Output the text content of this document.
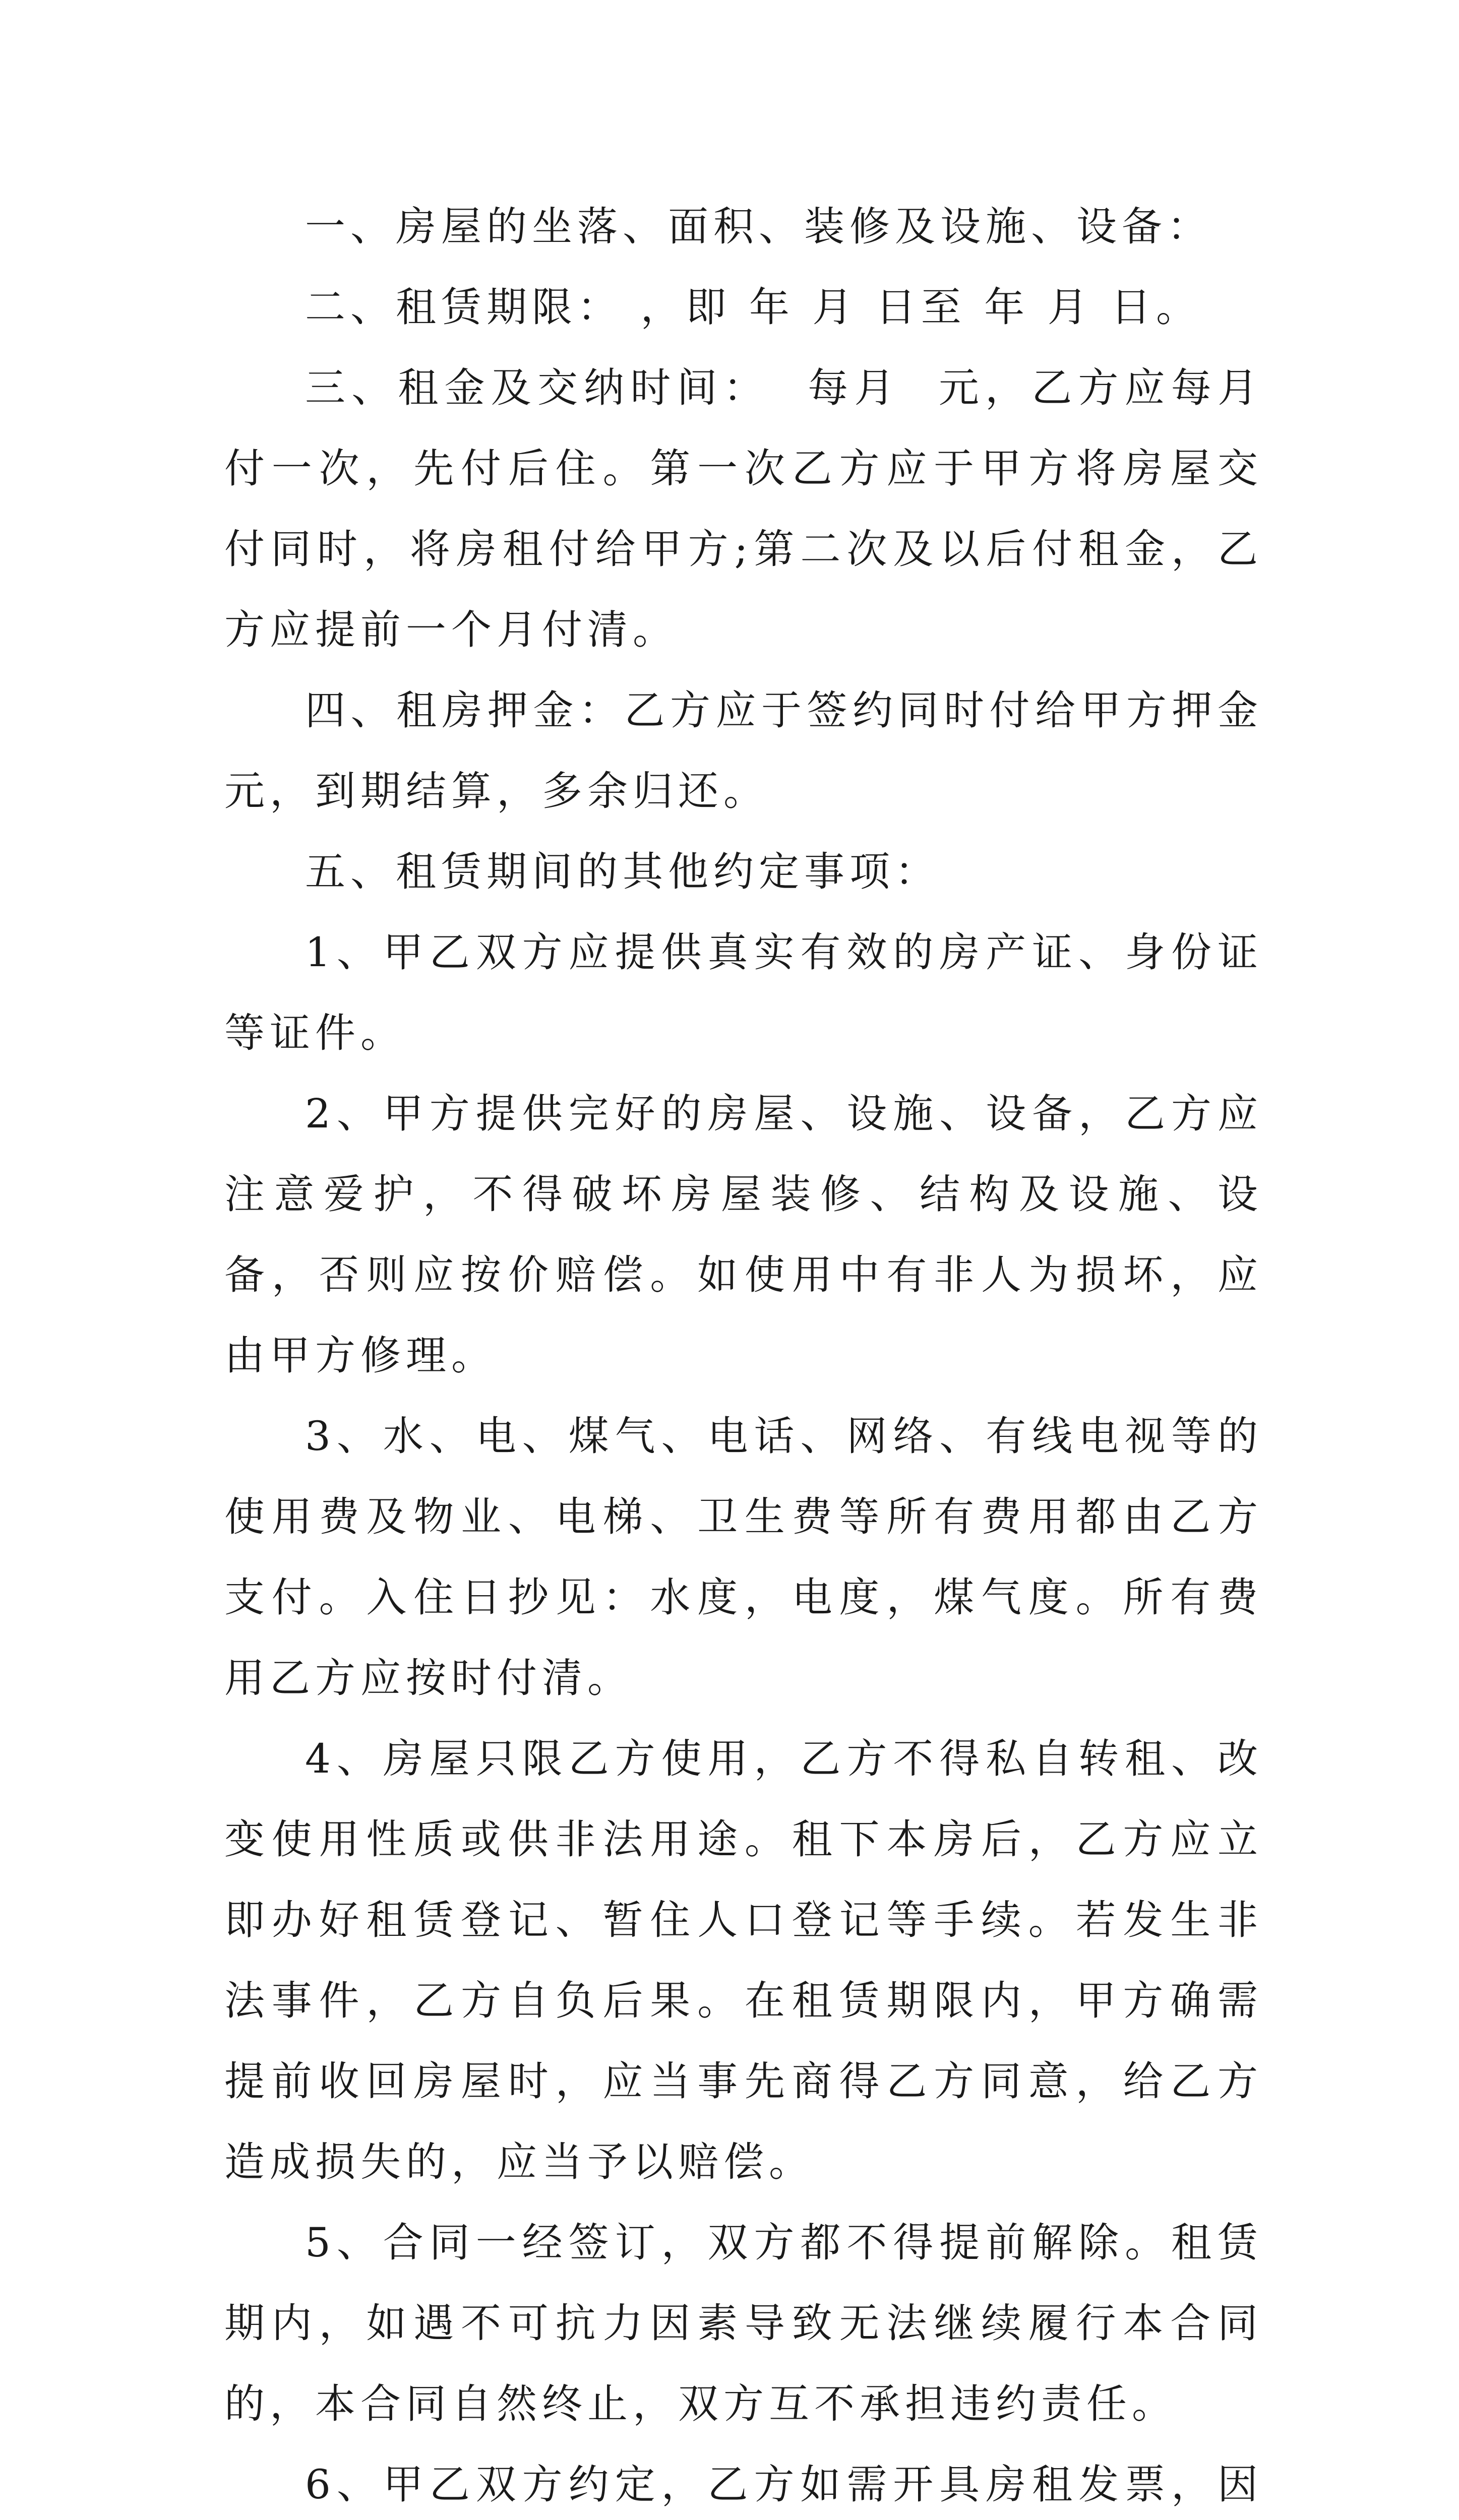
一、房屋的坐落、面积、装修及设施、设备：

二、租赁期限： ，即 年 月 日至 年 月 日。

三、租金及交纳时间：  每月  元，乙方应每月付一次，先付后住。第一次乙方应于甲方将房屋交付同时，将房租付给甲方;第二次及以后付租金，乙方应提前一个月付清。

四、租房押金：乙方应于签约同时付给甲方押金元，到期结算，多余归还。

五、租赁期间的其他约定事项：

1、甲乙双方应提供真实有效的房产证、身份证等证件。

2、甲方提供完好的房屋、设施、设备，乙方应注意爱护，不得破坏房屋装修、结构及设施、设备，否则应按价赔偿。如使用中有非人为损坏，应由甲方修理。

3、水、电、煤气、电话、网络、有线电视等的使用费及物业、电梯、卫生费等所有费用都由乙方支付。入住日抄见：水度，电度，煤气度。所有费用乙方应按时付清。

4、房屋只限乙方使用，乙方不得私自转租、改变使用性质或供非法用途。租下本房后，乙方应立即办好租赁登记、暂住人口登记等手续。若发生非法事件，乙方自负后果。在租赁期限内，甲方确需提前收回房屋时，应当事先商得乙方同意，给乙方造成损失的，应当予以赔偿。

5、合同一经签订，双方都不得提前解除。租赁期内，如遇不可抗力因素导致无法继续履行本合同的，本合同自然终止，双方互不承担违约责任。

6、甲乙双方约定，乙方如需开具房租发票，因
